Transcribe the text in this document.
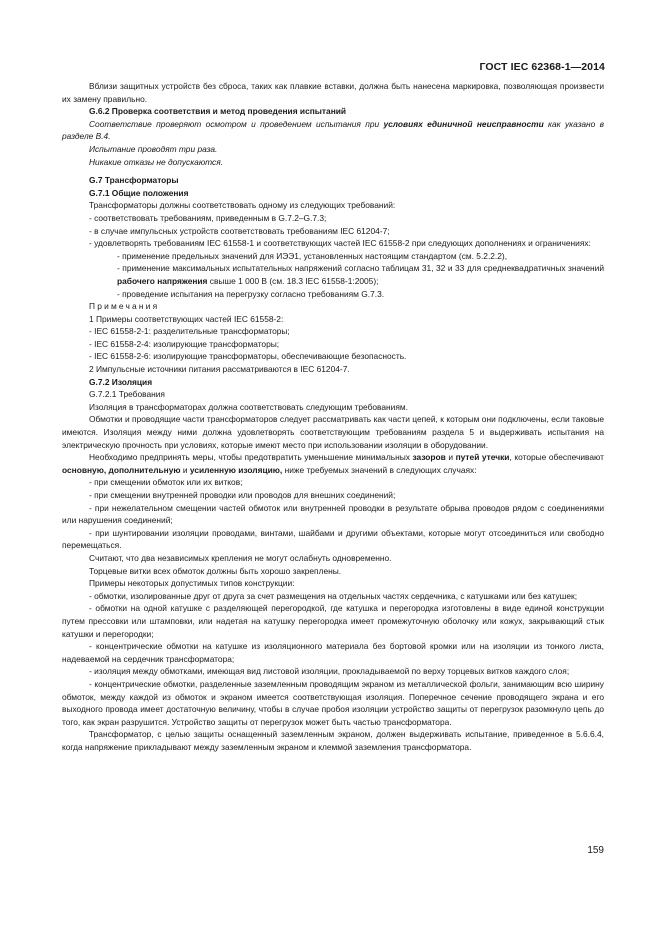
ГОСТ IEC 62368-1—2014

Вблизи защитных устройств без сброса, таких как плавкие вставки, должна быть нанесена маркировка, позволяющая произвести их замену правильно.

G.6.2 Проверка соответствия и метод проведения испытаний

Соответствие проверяют осмотром и проведением испытания при условиях единичной неисправности как указано в разделе B.4.

Испытание проводят три раза.

Никакие отказы не допускаются.

G.7 Трансформаторы

G.7.1 Общие положения

Трансформаторы должны соответствовать одному из следующих требований:

- соответствовать требованиям, приведенным в G.7.2–G.7.3;

- в случае импульсных устройств соответствовать требованиям IEC 61204-7;

- удовлетворять требованиям IEC 61558-1 и соответствующих частей IEC 61558-2 при следующих дополнениях и ограничениях:

- применение предельных значений для ИЭЭ1, установленных настоящим стандартом (см. 5.2.2.2),

- применение максимальных испытательных напряжений согласно таблицам 31, 32 и 33 для среднеквадратичных значений рабочего напряжения свыше 1 000 В (см. 18.3 IEC 61558-1:2005);

- проведение испытания на перегрузку согласно требованиям G.7.3.

Примечания

1 Примеры соответствующих частей IEC 61558-2:

- IEC 61558-2-1: разделительные трансформаторы;

- IEC 61558-2-4: изолирующие трансформаторы;

- IEC 61558-2-6: изолирующие трансформаторы, обеспечивающие безопасность.

2 Импульсные источники питания рассматриваются в IEC 61204-7.

G.7.2 Изоляция

G.7.2.1 Требования

Изоляция в трансформаторах должна соответствовать следующим требованиям.

Обмотки и проводящие части трансформаторов следует рассматривать как части цепей, к которым они подключены, если таковые имеются. Изоляция между ними должна удовлетворять соответствующим требованиям раздела 5 и выдерживать испытания на электрическую прочность при условиях, которые имеют место при использовании изоляции в оборудовании.

Необходимо предпринять меры, чтобы предотвратить уменьшение минимальных зазоров и путей утечки, которые обеспечивают основную, дополнительную и усиленную изоляцию, ниже требуемых значений в следующих случаях:

- при смещении обмоток или их витков;

- при смещении внутренней проводки или проводов для внешних соединений;

- при нежелательном смещении частей обмоток или внутренней проводки в результате обрыва проводов рядом с соединениями или нарушения соединений;

- при шунтировании изоляции проводами, винтами, шайбами и другими объектами, которые могут отсоединиться или свободно перемещаться.

Считают, что два независимых крепления не могут ослабнуть одновременно.

Торцевые витки всех обмоток должны быть хорошо закреплены.

Примеры некоторых допустимых типов конструкции:

- обмотки, изолированные друг от друга за счет размещения на отдельных частях сердечника, с катушками или без катушек;

- обмотки на одной катушке с разделяющей перегородкой, где катушка и перегородка изготовлены в виде единой конструкции путем прессовки или штамповки, или надетая на катушку перегородка имеет промежуточную оболочку или кожух, закрывающий стык катушки и перегородки;

- концентрические обмотки на катушке из изоляционного материала без бортовой кромки или на изоляции из тонкого листа, надеваемой на сердечник трансформатора;

- изоляция между обмотками, имеющая вид листовой изоляции, прокладываемой по верху торцевых витков каждого слоя;

- концентрические обмотки, разделенные заземленным проводящим экраном из металлической фольги, занимающим всю ширину обмоток, между каждой из обмоток и экраном имеется соответствующая изоляция. Поперечное сечение проводящего экрана и его выходного провода имеет достаточную величину, чтобы в случае пробоя изоляции устройство защиты от перегрузок разомкнуло цепь до того, как экран разрушится. Устройство защиты от перегрузок может быть частью трансформатора.

Трансформатор, с целью защиты оснащенный заземленным экраном, должен выдерживать испытание, приведенное в 5.6.6.4, когда напряжение прикладывают между заземленным экраном и клеммой заземления трансформатора.

159
